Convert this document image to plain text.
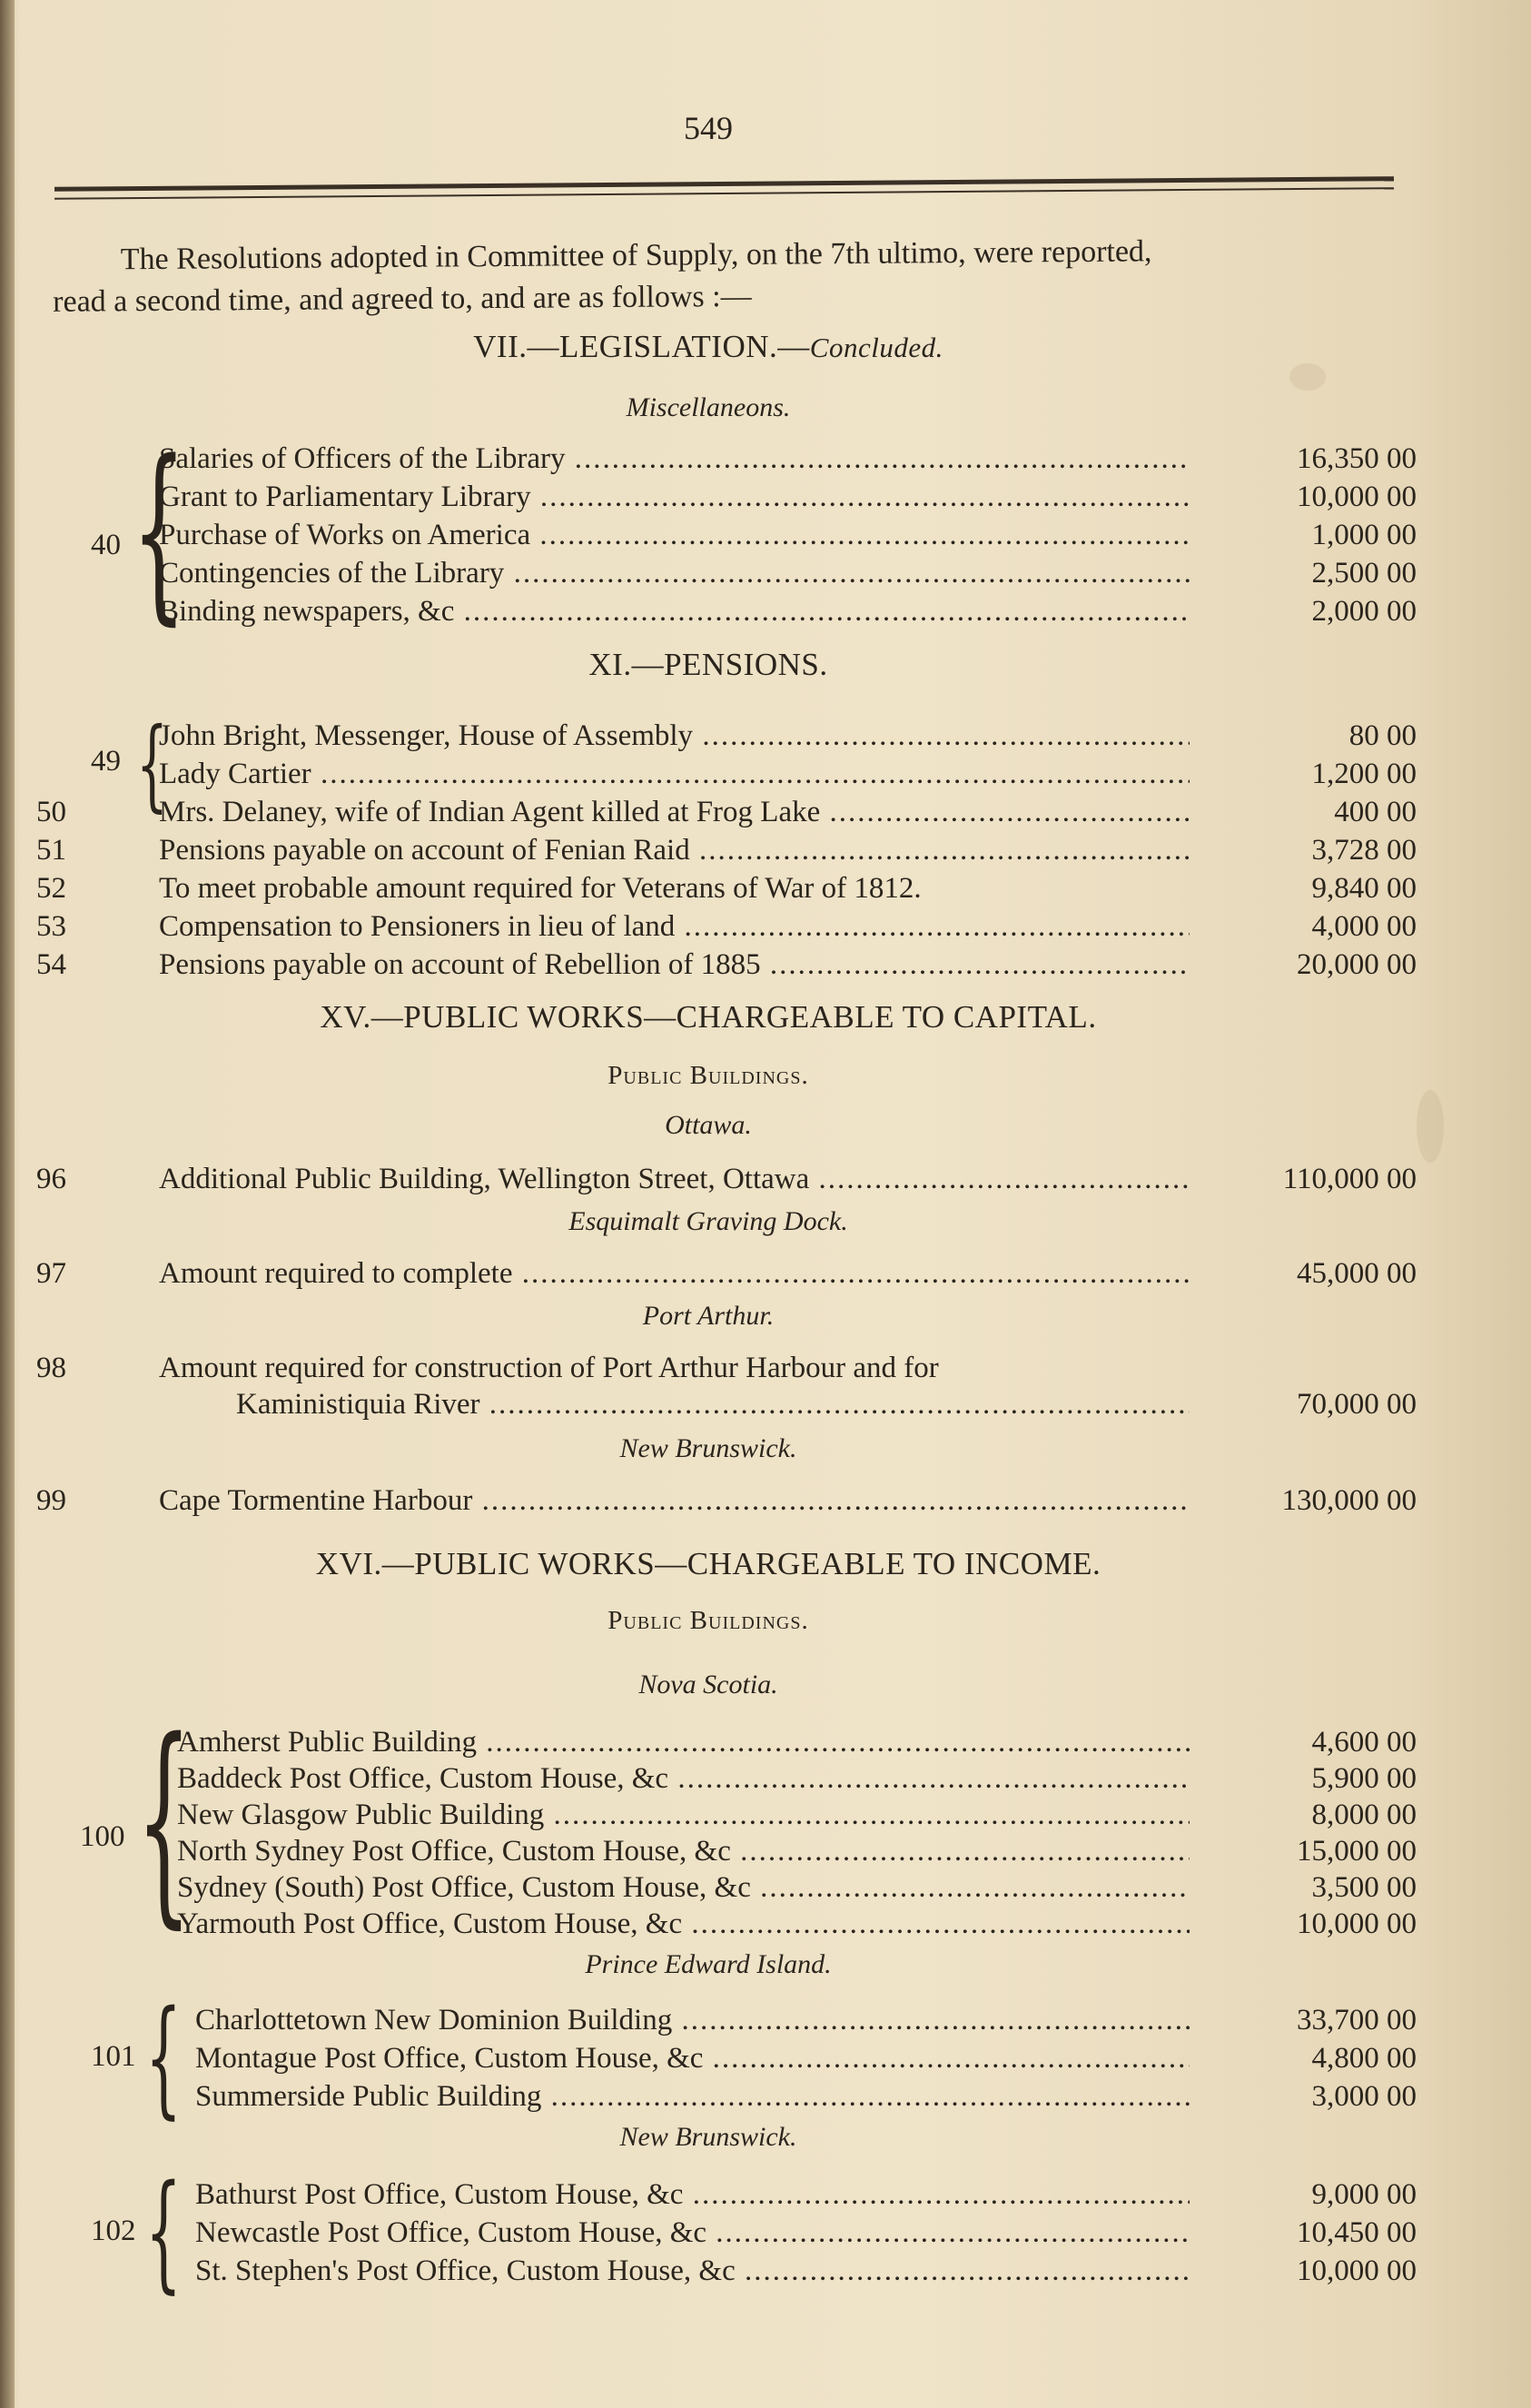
549
The Resolutions adopted in Committee of Supply, on the 7th ultimo, were reported,
read a second time, and agreed to, and are as follows :—
VII.—LEGISLATION.—Concluded.
Miscellaneons.
40 {
Salaries of Officers of the Library .....	16,350 00
Grant to Parliamentary Library .....	10,000 00
Purchase of Works on America .....	1,000 00
Contingencies of the Library .....	2,500 00
Binding newspapers, &c .....	2,000 00
XI.—PENSIONS.
49 {
John Bright, Messenger, House of Assembly .....	80 00
Lady Cartier .....	1,200 00
50	Mrs. Delaney, wife of Indian Agent killed at Frog Lake .....	400 00
51	Pensions payable on account of Fenian Raid .....	3,728 00
52	To meet probable amount required for Veterans of War of 1812.	9,840 00
53	Compensation to Pensioners in lieu of land .....	4,000 00
54	Pensions payable on account of Rebellion of 1885 .....	20,000 00
XV.—PUBLIC WORKS—CHARGEABLE TO CAPITAL.
Public Buildings.
Ottawa.
96	Additional Public Building, Wellington Street, Ottawa .....	110,000 00
Esquimalt Graving Dock.
97	Amount required to complete .....	45,000 00
Port Arthur.
98	Amount required for construction of Port Arthur Harbour and for
Kaministiquia River .....	70,000 00
New Brunswick.
99	Cape Tormentine Harbour .....	130,000 00
XVI.—PUBLIC WORKS—CHARGEABLE TO INCOME.
Public Buildings.
Nova Scotia.
100 {
Amherst Public Building .....	4,600 00
Baddeck Post Office, Custom House, &c .....	5,900 00
New Glasgow Public Building .....	8,000 00
North Sydney Post Office, Custom House, &c .....	15,000 00
Sydney (South) Post Office, Custom House, &c .....	3,500 00
Yarmouth Post Office, Custom House, &c .....	10,000 00
Prince Edward Island.
101 { Charlottetown New Dominion Building .....	33,700 00
Montague Post Office, Custom House, &c .....	4,800 00
Summerside Public Building .....	3,000 00
New Brunswick.
102 { Bathurst Post Office, Custom House, &c .....	9,000 00
Newcastle Post Office, Custom House, &c .....	10,450 00
St. Stephen's Post Office, Custom House, &c .....	10,000 00
